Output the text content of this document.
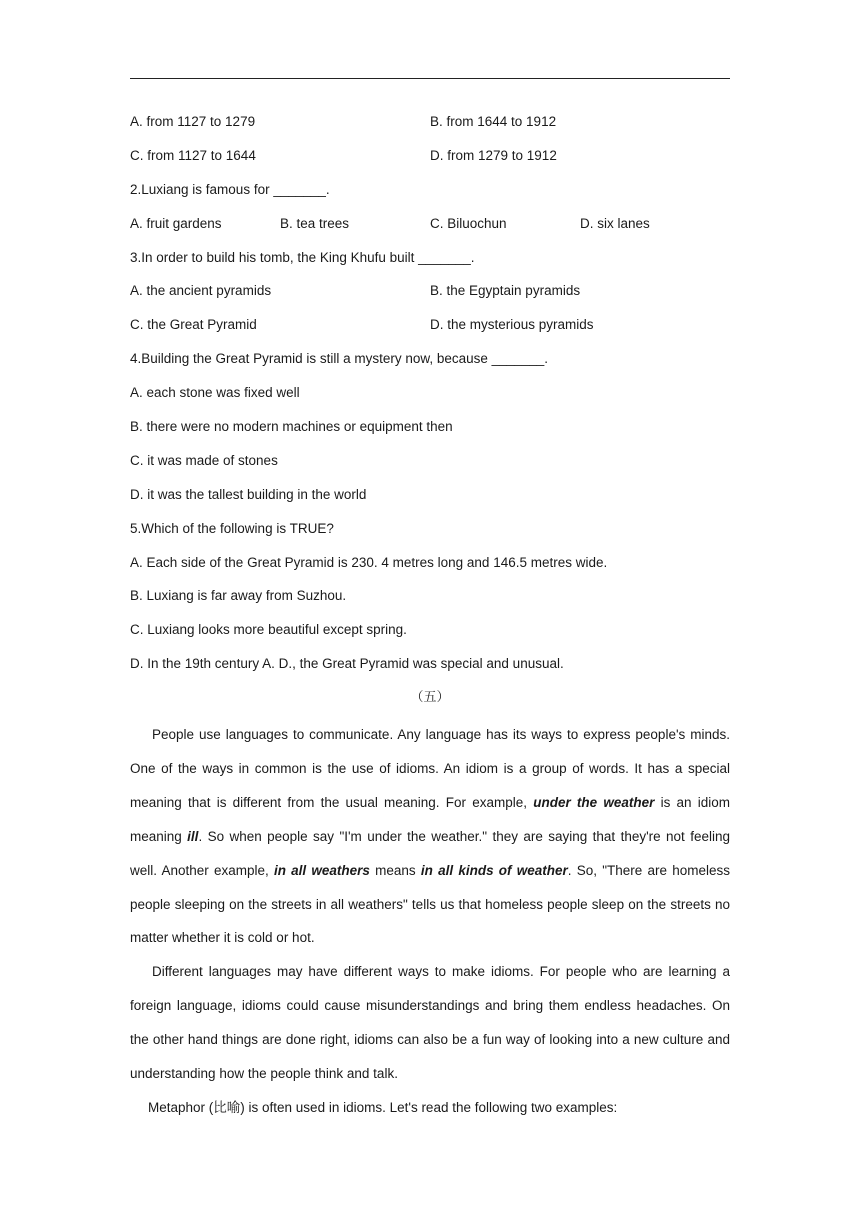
A. from 1127 to 1279	B. from 1644 to 1912
C. from 1127 to 1644	D. from 1279 to 1912
2.Luxiang is famous for _______.
A. fruit gardens	B. tea trees	C. Biluochun	D. six lanes
3.In order to build his tomb, the King Khufu built _______.
A. the ancient pyramids	B. the Egyptain pyramids
C. the Great Pyramid	D. the mysterious pyramids
4.Building the Great Pyramid is still a mystery now, because _______.
A. each stone was fixed well
B. there were no modern machines or equipment then
C. it was made of stones
D. it was the tallest building in the world
5.Which of the following is TRUE?
A. Each side of the Great Pyramid is 230. 4 metres long and 146.5 metres wide.
B. Luxiang is far away from Suzhou.
C. Luxiang looks more beautiful except spring.
D. In the 19th century A. D., the Great Pyramid was special and unusual.
（五）

People use languages to communicate. Any language has its ways to express people's minds. One of the ways in common is the use of idioms. An idiom is a group of words. It has a special meaning that is different from the usual meaning. For example, under the weather is an idiom meaning ill. So when people say "I'm under the weather." they are saying that they're not feeling well. Another example, in all weathers means in all kinds of weather. So, "There are homeless people sleeping on the streets in all weathers" tells us that homeless people sleep on the streets no matter whether it is cold or hot.

Different languages may have different ways to make idioms. For people who are learning a foreign language, idioms could cause misunderstandings and bring them endless headaches. On the other hand things are done right, idioms can also be a fun way of looking into a new culture and understanding how the people think and talk.

Metaphor (比喻) is often used in idioms. Let's read the following two examples:
